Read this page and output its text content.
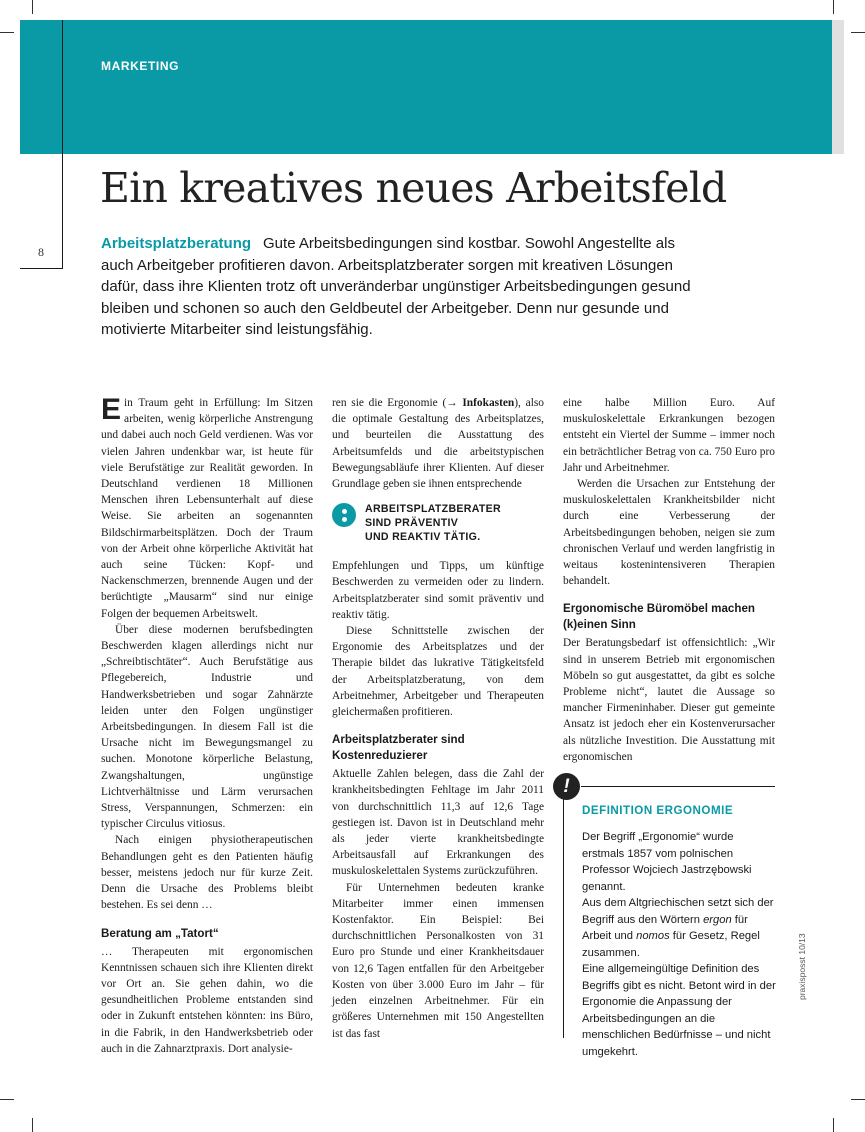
MARKETING
8
Ein kreatives neues Arbeitsfeld

Arbeitsplatzberatung Gute Arbeitsbedingungen sind kostbar. Sowohl Angestellte als auch Arbeitgeber profitieren davon. Arbeitsplatzberater sorgen mit kreativen Lösungen dafür, dass ihre Klienten trotz oft unveränderbar ungünstiger Arbeitsbedingungen gesund bleiben und schonen so auch den Geldbeutel der Arbeitgeber. Denn nur gesunde und motivierte Mitarbeiter sind leistungsfähig.

Ein Traum geht in Erfüllung: Im Sitzen arbeiten, wenig körperliche Anstrengung und dabei auch noch Geld verdienen. Was vor vielen Jahren undenkbar war, ist heute für viele Berufstätige zur Realität geworden. In Deutschland verdienen 18 Millionen Menschen ihren Lebensunterhalt auf diese Weise. Sie arbeiten an sogenannten Bildschirmarbeitsplätzen. Doch der Traum von der Arbeit ohne körperliche Aktivität hat auch seine Tücken: Kopf- und Nackenschmerzen, brennende Augen und der berüchtigte „Mausarm“ sind nur einige Folgen der bequemen Arbeitswelt.

Über diese modernen berufsbedingten Beschwerden klagen allerdings nicht nur „Schreibtischtäter“. Auch Berufstätige aus Pflegebereich, Industrie und Handwerksbetrieben und sogar Zahnärzte leiden unter den Folgen ungünstiger Arbeitsbedingungen. In diesem Fall ist die Ursache nicht im Bewegungsmangel zu suchen. Monotone körperliche Belastung, Zwangshaltungen, ungünstige Lichtverhältnisse und Lärm verursachen Stress, Verspannungen, Schmerzen: ein typischer Circulus vitiosus.

Nach einigen physiotherapeutischen Behandlungen geht es den Patienten häufig besser, meistens jedoch nur für kurze Zeit. Denn die Ursache des Problems bleibt bestehen. Es sei denn …

Beratung am „Tatort“

… Therapeuten mit ergonomischen Kenntnissen schauen sich ihre Klienten direkt vor Ort an. Sie gehen dahin, wo die gesundheitlichen Probleme entstanden sind oder in Zukunft entstehen könnten: ins Büro, in die Fabrik, in den Handwerksbetrieb oder auch in die Zahnarztpraxis. Dort analysie-

ren sie die Ergonomie (→ Infokasten), also die optimale Gestaltung des Arbeitsplatzes, und beurteilen die Ausstattung des Arbeitsumfelds und die arbeitstypischen Bewegungsabläufe ihrer Klienten. Auf dieser Grundlage geben sie ihnen entsprechende

ARBEITSPLATZBERATER
SIND PRÄVENTIV
UND REAKTIV TÄTIG.

Empfehlungen und Tipps, um künftige Beschwerden zu vermeiden oder zu lindern. Arbeitsplatzberater sind somit präventiv und reaktiv tätig.

Diese Schnittstelle zwischen der Ergonomie des Arbeitsplatzes und der Therapie bildet das lukrative Tätigkeitsfeld der Arbeitsplatzberatung, von dem Arbeitnehmer, Arbeitgeber und Therapeuten gleichermaßen profitieren.

Arbeitsplatzberater sind Kostenreduzierer

Aktuelle Zahlen belegen, dass die Zahl der krankheitsbedingten Fehltage im Jahr 2011 von durchschnittlich 11,3 auf 12,6 Tage gestiegen ist. Davon ist in Deutschland mehr als jeder vierte krankheitsbedingte Arbeitsausfall auf Erkrankungen des muskuloskelettalen Systems zurückzuführen.

Für Unternehmen bedeuten kranke Mitarbeiter immer einen immensen Kostenfaktor. Ein Beispiel: Bei durchschnittlichen Personalkosten von 31 Euro pro Stunde und einer Krankheitsdauer von 12,6 Tagen entfallen für den Arbeitgeber Kosten von über 3.000 Euro im Jahr – für jeden einzelnen Arbeitnehmer. Für ein größeres Unternehmen mit 150 Angestellten ist das fast

eine halbe Million Euro. Auf muskuloskelettale Erkrankungen bezogen entsteht ein Viertel der Summe – immer noch ein beträchtlicher Betrag von ca. 750 Euro pro Jahr und Arbeitnehmer.

Werden die Ursachen zur Entstehung der muskuloskelettalen Krankheitsbilder nicht durch eine Verbesserung der Arbeitsbedingungen behoben, neigen sie zum chronischen Verlauf und werden langfristig in weitaus kostenintensiveren Therapien behandelt.

Ergonomische Büromöbel machen (k)einen Sinn

Der Beratungsbedarf ist offensichtlich: „Wir sind in unserem Betrieb mit ergonomischen Möbeln so gut ausgestattet, da gibt es solche Probleme nicht“, lautet die Aussage so mancher Firmeninhaber. Dieser gut gemeinte Ansatz ist jedoch eher ein Kostenverursacher als nützliche Investition. Die Ausstattung mit ergonomischen

!
DEFINITION ERGONOMIE

Der Begriff „Ergonomie“ wurde erstmals 1857 vom polnischen Professor Wojciech Jastrzębowski genannt.

Aus dem Altgriechischen setzt sich der Begriff aus den Wörtern ergon für Arbeit und nomos für Gesetz, Regel zusammen.

Eine allgemeingültige Definition des Begriffs gibt es nicht. Betont wird in der Ergonomie die Anpassung der Arbeitsbedingungen an die menschlichen Bedürfnisse – und nicht umgekehrt.

praxisposst 10/13
